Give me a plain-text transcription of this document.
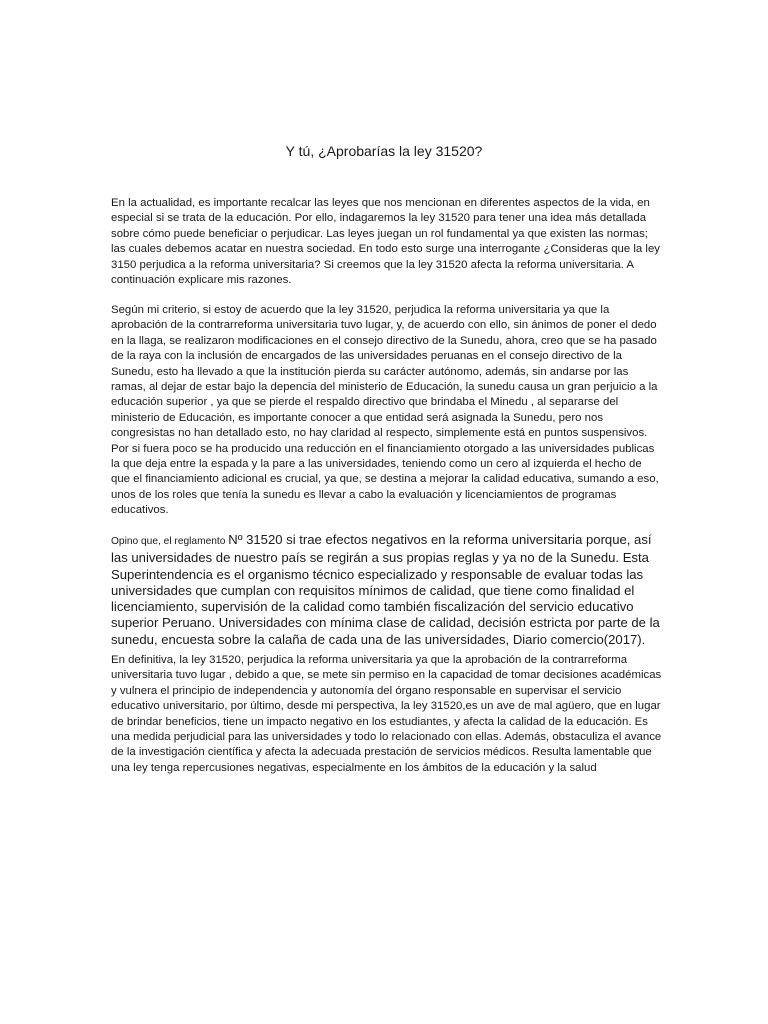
Y tú, ¿Aprobarías la ley 31520?

En la actualidad, es importante recalcar las leyes que nos mencionan en diferentes aspectos de la vida, en especial si se trata de la educación. Por ello, indagaremos la ley 31520 para tener una idea más detallada sobre cómo puede beneficiar o perjudicar. Las leyes juegan un rol fundamental ya que existen las normas; las cuales debemos acatar en nuestra sociedad. En todo esto surge una interrogante ¿Consideras que la ley 3150 perjudica a la reforma universitaria? Si creemos que la ley 31520 afecta la reforma universitaria. A continuación explicare mis razones.

Según mi criterio, si estoy de acuerdo que la ley 31520, perjudica la reforma universitaria ya que la aprobación de la contrarreforma universitaria tuvo lugar, y, de acuerdo con ello, sin ánimos de poner el dedo en la llaga, se realizaron modificaciones en el consejo directivo de la Sunedu, ahora, creo que se ha pasado de la raya con la inclusión de encargados de las universidades peruanas en el consejo directivo de la Sunedu, esto ha llevado a que la institución pierda su carácter autónomo, además, sin andarse por las ramas, al dejar de estar bajo la depencia del ministerio de Educación, la sunedu causa un gran perjuicio a la educación superior , ya que se pierde el respaldo directivo que brindaba el Minedu , al separarse del ministerio de Educación, es importante conocer a que entidad será asignada la Sunedu, pero nos congresistas no han detallado esto, no hay claridad al respecto, simplemente está en puntos suspensivos. Por si fuera poco se ha producido una reducción en el financiamiento otorgado a las universidades publicas la que deja entre la espada y la pare a las universidades, teniendo como un cero al izquierda el hecho de que el financiamiento adicional es crucial, ya que, se destina a mejorar la calidad educativa, sumando a eso, unos de los roles que tenía la sunedu es llevar a cabo la evaluación y licenciamientos de programas educativos.

Opino que, el reglamento Nº 31520 si trae efectos negativos en la reforma universitaria porque, así las universidades de nuestro país se regirán a sus propias reglas y ya no de la Sunedu. Esta Superintendencia es el organismo técnico especializado y responsable de evaluar todas las universidades que cumplan con requisitos mínimos de calidad, que tiene como finalidad el licenciamiento, supervisión de la calidad como también fiscalización del servicio educativo superior Peruano. Universidades con mínima clase de calidad, decisión estricta por parte de la sunedu, encuesta sobre la calaña de cada una de las universidades, Diario comercio(2017).

En definitiva, la ley 31520, perjudica la reforma universitaria ya que la aprobación de la contrarreforma universitaria tuvo lugar , debido a que, se mete sin permiso en la capacidad de tomar decisiones académicas y vulnera el principio de independencia y autonomía del órgano responsable en supervisar el servicio educativo universitario, por último, desde mi perspectiva, la ley 31520,es un ave de mal agüero, que en lugar de brindar beneficios, tiene un impacto negativo en los estudiantes, y afecta la calidad de la educación. Es una medida perjudicial para las universidades y todo lo relacionado con ellas. Además, obstaculiza el avance de la investigación científica y afecta la adecuada prestación de servicios médicos. Resulta lamentable que una ley tenga repercusiones negativas, especialmente en los ámbitos de la educación y la salud
